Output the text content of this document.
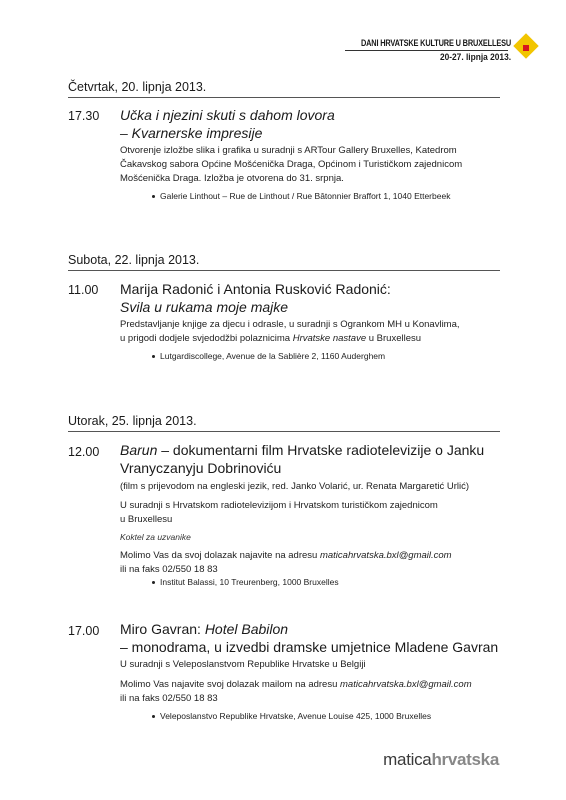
DANI HRVATSKE KULTURE U BRUXELLESU
20-27. lipnja 2013.
Četvrtak, 20. lipnja 2013.
17.30 Učka i njezini skuti s dahom lovora
– Kvarnerske impresije
Otvorenje izložbe slika i grafika u suradnji s ARTour Gallery Bruxelles, Katedrom
Čakavskog sabora Općine Mošćenička Draga, Općinom i Turističkom zajednicom
Mošćenička Draga. Izložba je otvorena do 31. srpnja.
Galerie Linthout – Rue de Linthout / Rue Bâtonnier Braffort 1, 1040 Etterbeek
Subota, 22. lipnja 2013.
11.00 Marija Radonić i Antonia Rusković Radonić:
Svila u rukama moje majke
Predstavljanje knjige za djecu i odrasle, u suradnji s Ogrankom MH u Konavlima,
u prigodi dodjele svjedodžbi polaznicima Hrvatske nastave u Bruxellesu
Lutgardiscollege, Avenue de la Sablière 2, 1160 Auderghem
Utorak, 25. lipnja 2013.
12.00 Barun – dokumentarni film Hrvatske radiotelevizije o Janku
Vranyczanyju Dobrinoviću
(film s prijevodom na engleski jezik, red. Janko Volarić, ur. Renata Margaretić Urlić)
U suradnji s Hrvatskom radiotelevizijom i Hrvatskom turističkom zajednicom
u Bruxellesu
Koktel za uzvanike
Molimo Vas da svoj dolazak najavite na adresu maticahrvatska.bxl@gmail.com
ili na faks 02/550 18 83
Institut Balassi, 10 Treurenberg, 1000 Bruxelles
17.00 Miro Gavran: Hotel Babilon
– monodrama, u izvedbi dramske umjetnice Mladene Gavran
U suradnji s Veleposlanstvom Republike Hrvatske u Belgiji
Molimo Vas najavite svoj dolazak mailom na adresu maticahrvatska.bxl@gmail.com
ili na faks 02/550 18 83
Veleposlanstvo Republike Hrvatske, Avenue Louise 425, 1000 Bruxelles
maticahrvatska
